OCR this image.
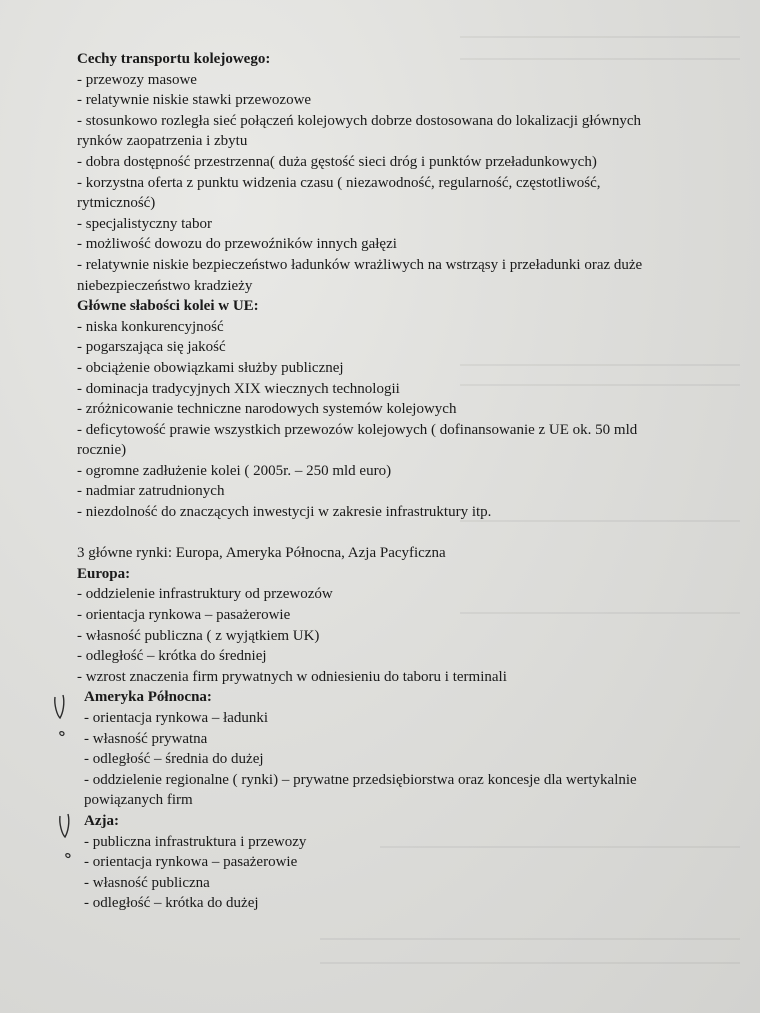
Cechy transportu kolejowego:
- przewozy masowe
- relatywnie niskie stawki przewozowe
- stosunkowo rozległa sieć połączeń kolejowych dobrze dostosowana do lokalizacji głównych
rynków zaopatrzenia i zbytu
- dobra dostępność przestrzenna( duża gęstość sieci dróg i punktów przeładunkowych)
- korzystna oferta z punktu widzenia czasu ( niezawodność, regularność, częstotliwość,
rytmiczność)
- specjalistyczny tabor
- możliwość dowozu do przewoźników innych gałęzi
- relatywnie niskie bezpieczeństwo ładunków wrażliwych na wstrząsy i przeładunki oraz duże
niebezpieczeństwo kradzieży
Główne słabości kolei w UE:
- niska konkurencyjność
- pogarszająca się jakość
- obciążenie obowiązkami służby publicznej
- dominacja tradycyjnych XIX wiecznych technologii
- zróżnicowanie techniczne narodowych systemów kolejowych
- deficytowość prawie wszystkich przewozów kolejowych ( dofinansowanie z UE ok. 50 mld
rocznie)
- ogromne zadłużenie kolei ( 2005r. – 250 mld euro)
- nadmiar zatrudnionych
- niezdolność do znaczących inwestycji w zakresie infrastruktury itp.
3 główne rynki: Europa, Ameryka Północna, Azja Pacyficzna
Europa:
- oddzielenie infrastruktury od przewozów
- orientacja rynkowa – pasażerowie
- własność publiczna ( z wyjątkiem UK)
- odległość – krótka do średniej
- wzrost znaczenia firm prywatnych w odniesieniu do taboru i terminali
Ameryka Północna:
- orientacja rynkowa – ładunki
- własność prywatna
- odległość – średnia do dużej
- oddzielenie regionalne ( rynki) – prywatne przedsiębiorstwa oraz koncesje dla wertykalnie
powiązanych firm
Azja:
- publiczna infrastruktura i przewozy
- orientacja rynkowa – pasażerowie
- własność publiczna
- odległość – krótka do dużej
